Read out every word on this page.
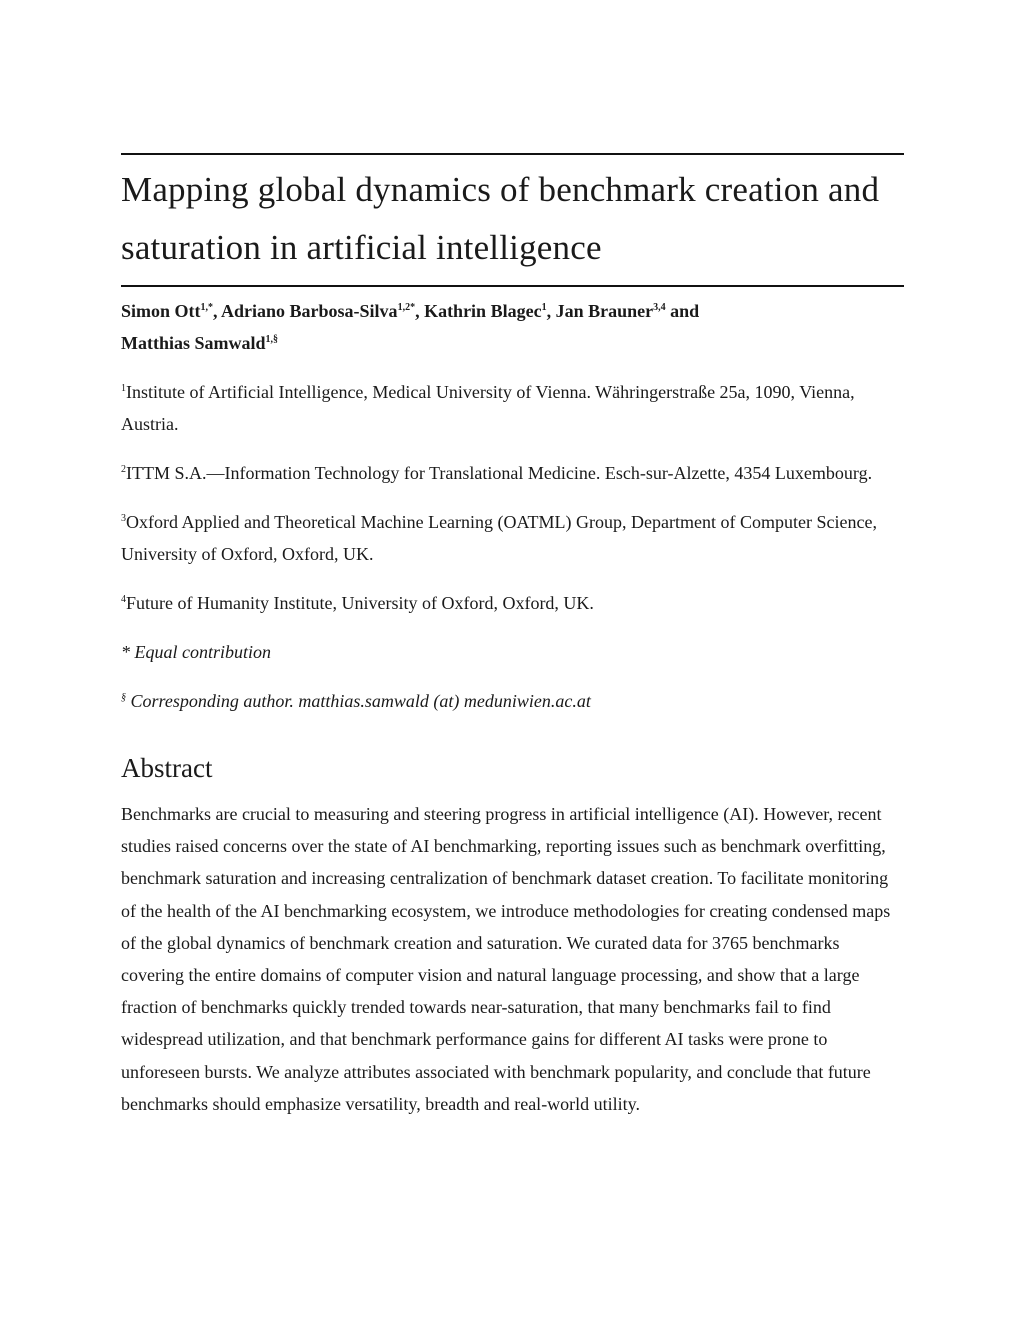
Mapping global dynamics of benchmark creation and saturation in artificial intelligence
Simon Ott$^{1,*}$, Adriano Barbosa-Silva$^{1,2*}$, Kathrin Blagec$^1$, Jan Brauner$^{3,4}$ and
Matthias Samwald$^{1,\S}$
$^1$Institute of Artificial Intelligence, Medical University of Vienna. Währingerstraße 25a, 1090, Vienna, Austria.
$^2$ITTM S.A.—Information Technology for Translational Medicine. Esch-sur-Alzette, 4354 Luxembourg.
$^3$Oxford Applied and Theoretical Machine Learning (OATML) Group, Department of Computer Science, University of Oxford, Oxford, UK.
$^4$Future of Humanity Institute, University of Oxford, Oxford, UK.
* Equal contribution
§ Corresponding author. matthias.samwald (at) meduniwien.ac.at
Abstract
Benchmarks are crucial to measuring and steering progress in artificial intelligence (AI). However, recent studies raised concerns over the state of AI benchmarking, reporting issues such as benchmark overfitting, benchmark saturation and increasing centralization of benchmark dataset creation. To facilitate monitoring of the health of the AI benchmarking ecosystem, we introduce methodologies for creating condensed maps of the global dynamics of benchmark creation and saturation. We curated data for 3765 benchmarks covering the entire domains of computer vision and natural language processing, and show that a large fraction of benchmarks quickly trended towards near-saturation, that many benchmarks fail to find widespread utilization, and that benchmark performance gains for different AI tasks were prone to unforeseen bursts. We analyze attributes associated with benchmark popularity, and conclude that future benchmarks should emphasize versatility, breadth and real-world utility.
